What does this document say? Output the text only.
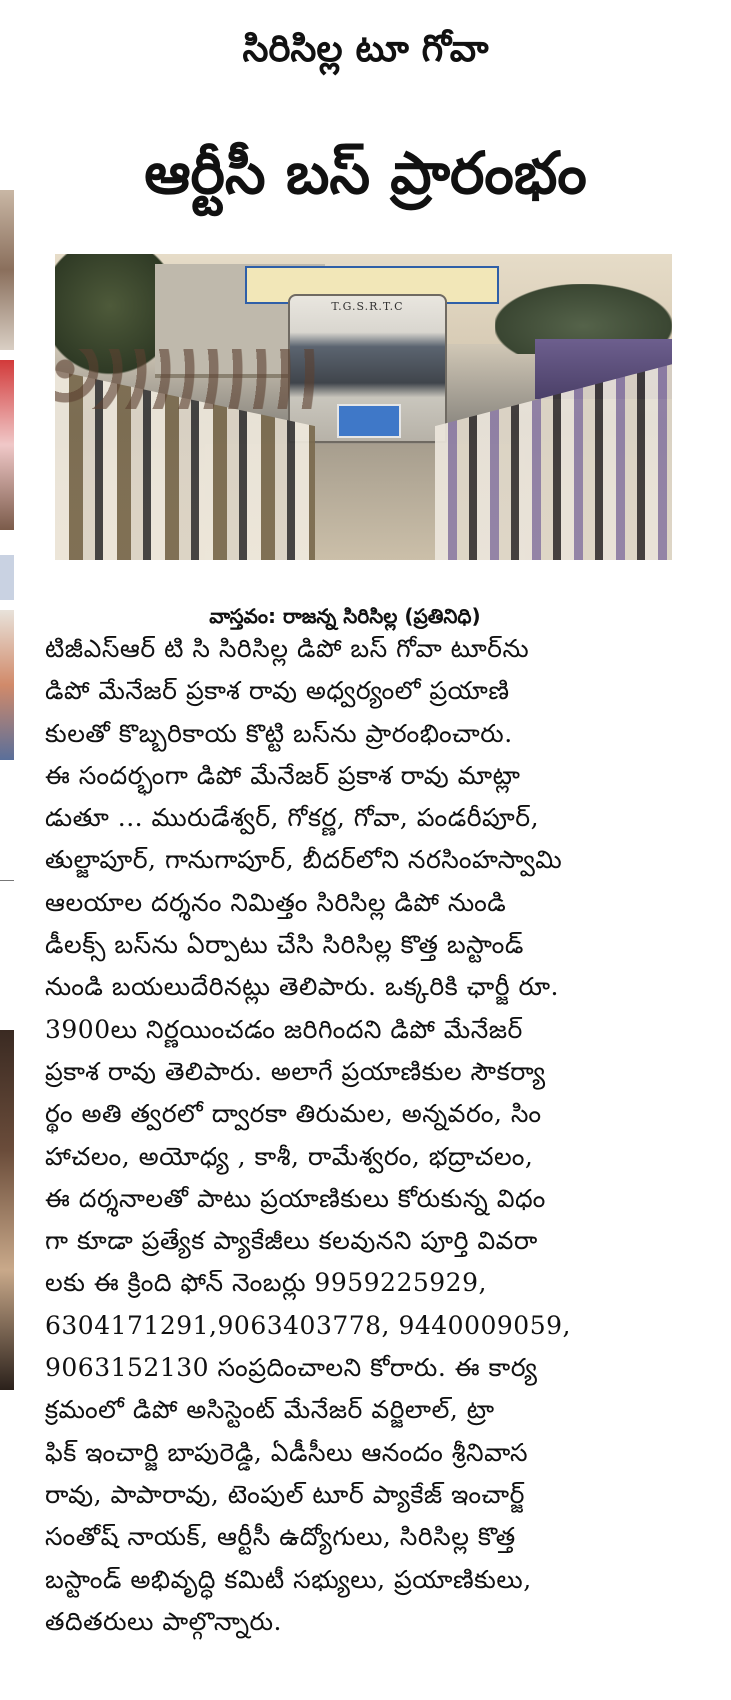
సిరిసిల్ల టూ గోవా
ఆర్టీసీ బస్ ప్రారంభం
T.G.S.R.T.C
వాస్తవం: రాజన్న సిరిసిల్ల (ప్రతినిధి)
టిజీఎస్ఆర్ టి సి సిరిసిల్ల డిపో బస్ గోవా టూర్‌ను
డిపో మేనేజర్ ప్రకాశ రావు అధ్వర్యంలో ప్రయాణి
కులతో కొబ్బరికాయ కొట్టి బస్‌ను ప్రారంభించారు.
ఈ సందర్భంగా డిపో మేనేజర్ ప్రకాశ రావు మాట్లా
డుతూ ... మురుడేశ్వర్, గోకర్ణ, గోవా, పండరీపూర్,
తుల్జాపూర్, గానుగాపూర్, బీదర్‌లోని నరసింహస్వామి
ఆలయాల దర్శనం నిమిత్తం సిరిసిల్ల డిపో నుండి
డీలక్స్ బస్‌ను ఏర్పాటు చేసి సిరిసిల్ల కొత్త బస్టాండ్
నుండి బయలుదేరినట్లు తెలిపారు. ఒక్కరికి ఛార్జీ రూ.
3900లు నిర్ణయించడం జరిగిందని డిపో మేనేజర్
ప్రకాశ రావు తెలిపారు. అలాగే ప్రయాణికుల సౌకర్యా
ర్థం అతి త్వరలో ద్వారకా తిరుమల, అన్నవరం, సిం
హాచలం, అయోధ్య , కాశీ, రామేశ్వరం, భద్రాచలం,
ఈ దర్శనాలతో పాటు ప్రయాణికులు కోరుకున్న విధం
గా కూడా ప్రత్యేక ప్యాకేజీలు కలవునని పూర్తి వివరా
లకు ఈ క్రింది ఫోన్ నెంబర్లు 9959225929,
6304171291,9063403778, 9440009059,
9063152130 సంప్రదించాలని కోరారు. ఈ కార్య
క్రమంలో డిపో అసిస్టెంట్ మేనేజర్ వర్జిలాల్, ట్రా
ఫిక్ ఇంచార్జి బాపురెడ్డి, ఏడీసీలు ఆనందం శ్రీనివాస
రావు, పాపారావు, టెంపుల్ టూర్ ప్యాకేజ్ ఇంచార్జ్
సంతోష్ నాయక్, ఆర్టీసీ ఉద్యోగులు, సిరిసిల్ల కొత్త
బస్టాండ్ అభివృద్ధి కమిటీ సభ్యులు, ప్రయాణికులు,
తదితరులు పాల్గొన్నారు.
